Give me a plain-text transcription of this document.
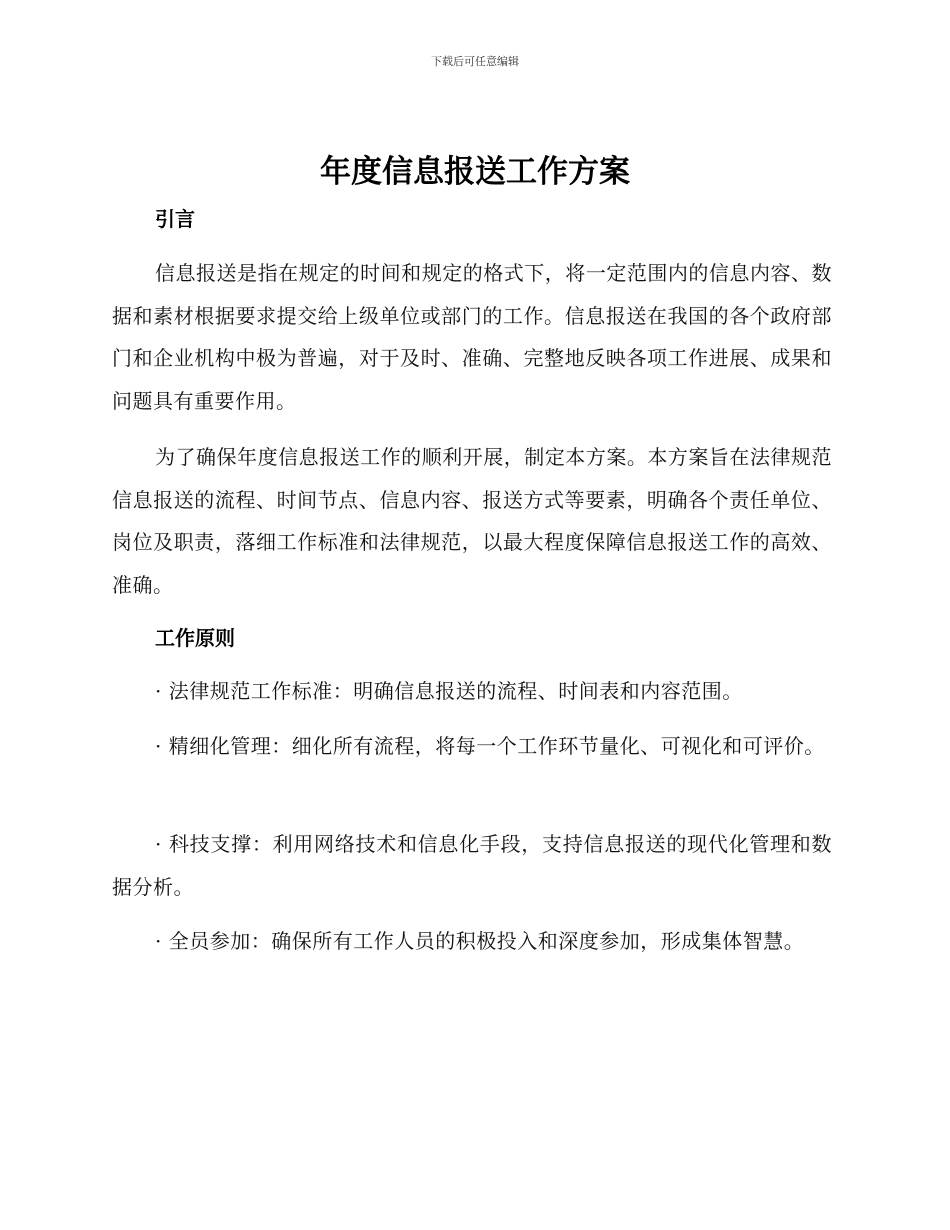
下载后可任意编辑
年度信息报送工作方案
引言

信息报送是指在规定的时间和规定的格式下，将一定范围内的信息内容、数据和素材根据要求提交给上级单位或部门的工作。信息报送在我国的各个政府部门和企业机构中极为普遍，对于及时、准确、完整地反映各项工作进展、成果和问题具有重要作用。

为了确保年度信息报送工作的顺利开展，制定本方案。本方案旨在法律规范信息报送的流程、时间节点、信息内容、报送方式等要素，明确各个责任单位、岗位及职责，落细工作标准和法律规范，以最大程度保障信息报送工作的高效、准确。

工作原则

· 法律规范工作标准：明确信息报送的流程、时间表和内容范围。

· 精细化管理：细化所有流程，将每一个工作环节量化、可视化和可评价。

· 科技支撑：利用网络技术和信息化手段，支持信息报送的现代化管理和数据分析。

· 全员参加：确保所有工作人员的积极投入和深度参加，形成集体智慧。
